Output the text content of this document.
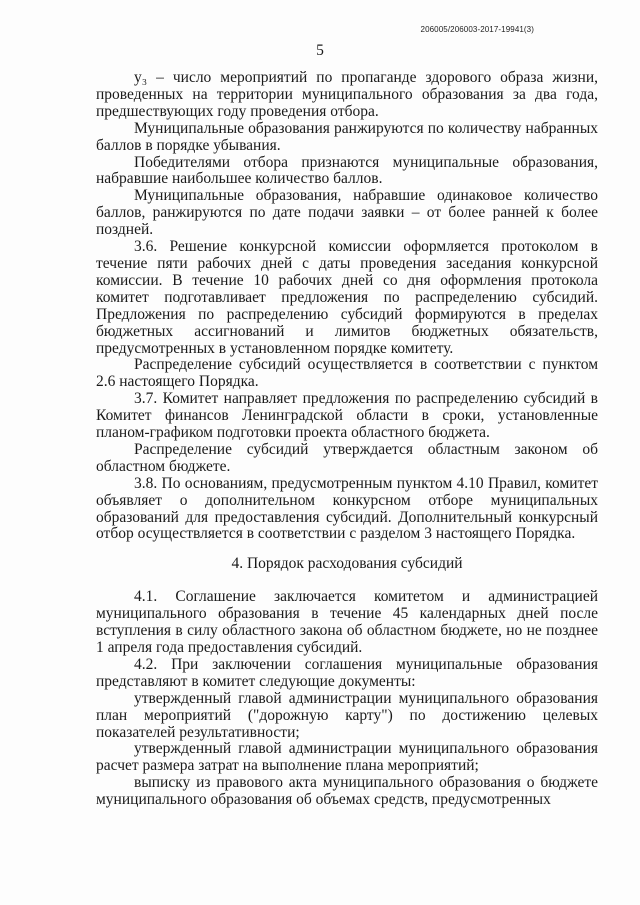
206005/206003-2017-19941(3)
5

у₃ – число мероприятий по пропаганде здорового образа жизни, проведенных на территории муниципального образования за два года, предшествующих году проведения отбора.

Муниципальные образования ранжируются по количеству набранных баллов в порядке убывания.

Победителями отбора признаются муниципальные образования, набравшие наибольшее количество баллов.

Муниципальные образования, набравшие одинаковое количество баллов, ранжируются по дате подачи заявки – от более ранней к более поздней.

3.6. Решение конкурсной комиссии оформляется протоколом в течение пяти рабочих дней с даты проведения заседания конкурсной комиссии. В течение 10 рабочих дней со дня оформления протокола комитет подготавливает предложения по распределению субсидий. Предложения по распределению субсидий формируются в пределах бюджетных ассигнований и лимитов бюджетных обязательств, предусмотренных в установленном порядке комитету.

Распределение субсидий осуществляется в соответствии с пунктом 2.6 настоящего Порядка.

3.7. Комитет направляет предложения по распределению субсидий в Комитет финансов Ленинградской области в сроки, установленные планом-графиком подготовки проекта областного бюджета.

Распределение субсидий утверждается областным законом об областном бюджете.

3.8. По основаниям, предусмотренным пунктом 4.10 Правил, комитет объявляет о дополнительном конкурсном отборе муниципальных образований для предоставления субсидий. Дополнительный конкурсный отбор осуществляется в соответствии с разделом 3 настоящего Порядка.

4. Порядок расходования субсидий

4.1. Соглашение заключается комитетом и администрацией муниципального образования в течение 45 календарных дней после вступления в силу областного закона об областном бюджете, но не позднее 1 апреля года предоставления субсидий.

4.2. При заключении соглашения муниципальные образования представляют в комитет следующие документы:

утвержденный главой администрации муниципального образования план мероприятий ("дорожную карту") по достижению целевых показателей результативности;

утвержденный главой администрации муниципального образования расчет размера затрат на выполнение плана мероприятий;

выписку из правового акта муниципального образования о бюджете муниципального образования об объемах средств, предусмотренных
